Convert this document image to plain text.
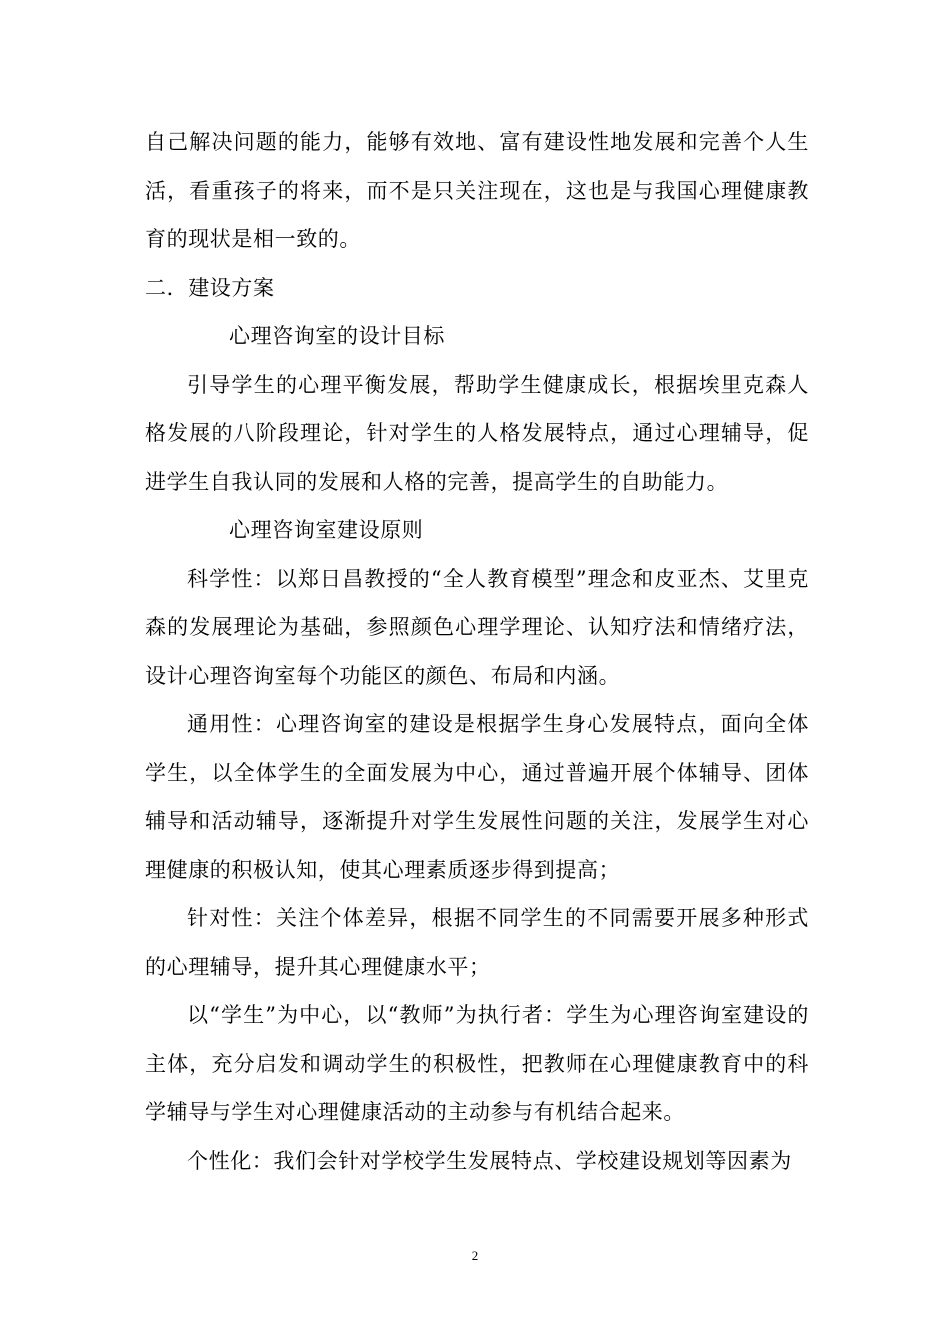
自己解决问题的能力，能够有效地、富有建设性地发展和完善个人生活，看重孩子的将来，而不是只关注现在，这也是与我国心理健康教育的现状是相一致的。

二．建设方案

心理咨询室的设计目标

引导学生的心理平衡发展，帮助学生健康成长，根据埃里克森人格发展的八阶段理论，针对学生的人格发展特点，通过心理辅导，促进学生自我认同的发展和人格的完善，提高学生的自助能力。

心理咨询室建设原则

科学性：以郑日昌教授的“全人教育模型”理念和皮亚杰、艾里克森的发展理论为基础，参照颜色心理学理论、认知疗法和情绪疗法，设计心理咨询室每个功能区的颜色、布局和内涵。

通用性：心理咨询室的建设是根据学生身心发展特点，面向全体学生，以全体学生的全面发展为中心，通过普遍开展个体辅导、团体辅导和活动辅导，逐渐提升对学生发展性问题的关注，发展学生对心理健康的积极认知，使其心理素质逐步得到提高；

针对性：关注个体差异，根据不同学生的不同需要开展多种形式的心理辅导，提升其心理健康水平；

以“学生”为中心，以“教师”为执行者：学生为心理咨询室建设的主体，充分启发和调动学生的积极性，把教师在心理健康教育中的科学辅导与学生对心理健康活动的主动参与有机结合起来。

个性化：我们会针对学校学生发展特点、学校建设规划等因素为

2
